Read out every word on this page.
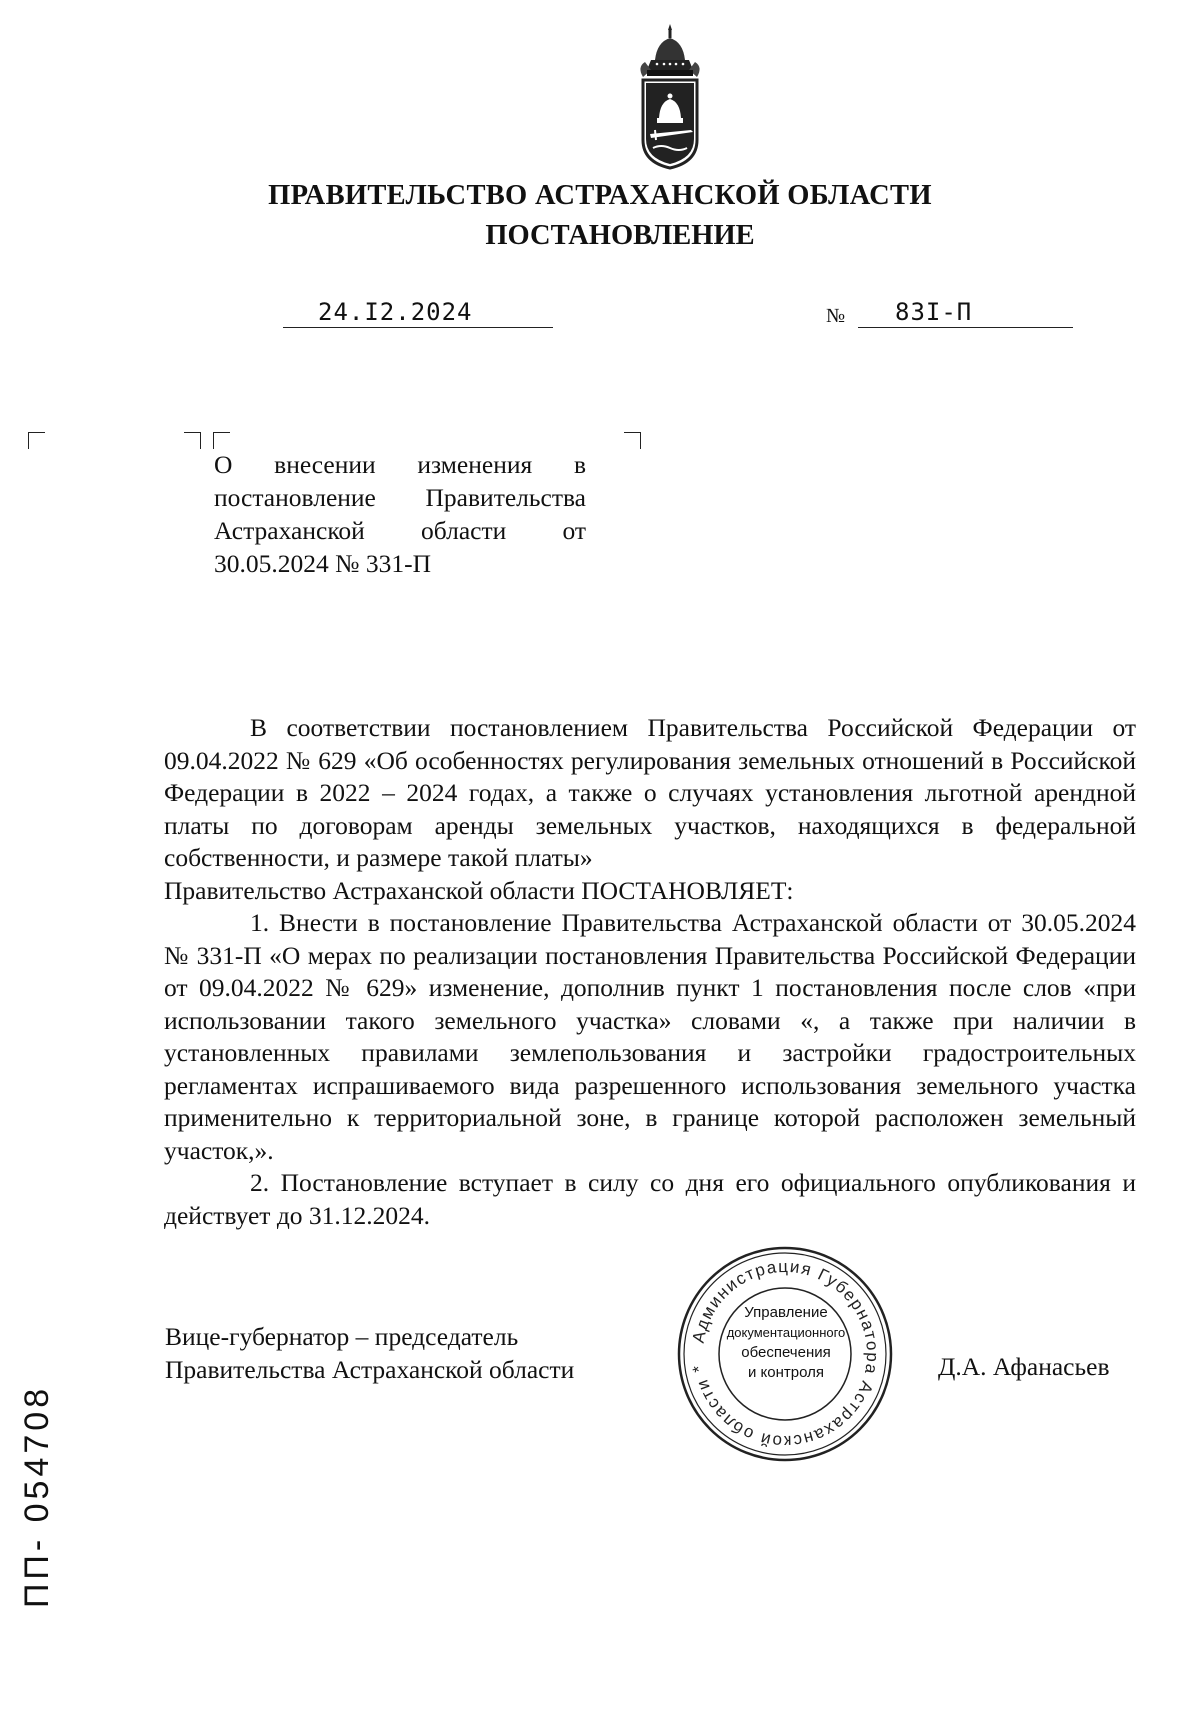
ПРАВИТЕЛЬСТВО АСТРАХАНСКОЙ ОБЛАСТИ
ПОСТАНОВЛЕНИЕ
24.I2.2024	№ 83I-П
О внесении изменения в постановление Правительства Астраханской области от 30.05.2024 № 331-П

В соответствии постановлением Правительства Российской Федерации от 09.04.2022 № 629 «Об особенностях регулирования земельных отношений в Российской Федерации в 2022 – 2024 годах, а также о случаях установления льготной арендной платы по договорам аренды земельных участков, находящихся в федеральной собственности, и размере такой платы»

Правительство Астраханской области ПОСТАНОВЛЯЕТ:

1. Внести в постановление Правительства Астраханской области от 30.05.2024 № 331-П «О мерах по реализации постановления Правительства Российской Федерации от 09.04.2022 № 629» изменение, дополнив пункт 1 постановления после слов «при использовании такого земельного участка» словами «, а также при наличии в установленных правилами землепользования и застройки градостроительных регламентах испрашиваемого вида разрешенного использования земельного участка применительно к территориальной зоне, в границе которой расположен земельный участок,».

2. Постановление вступает в силу со дня его официального опубликования и действует до 31.12.2024.

Вице-губернатор – председатель
Правительства Астраханской области
Администрация Губернатора Астраханской области *
Управление
документационного
обеспечения
и контроля	Д.А. Афанасьев
ПП- 054708
